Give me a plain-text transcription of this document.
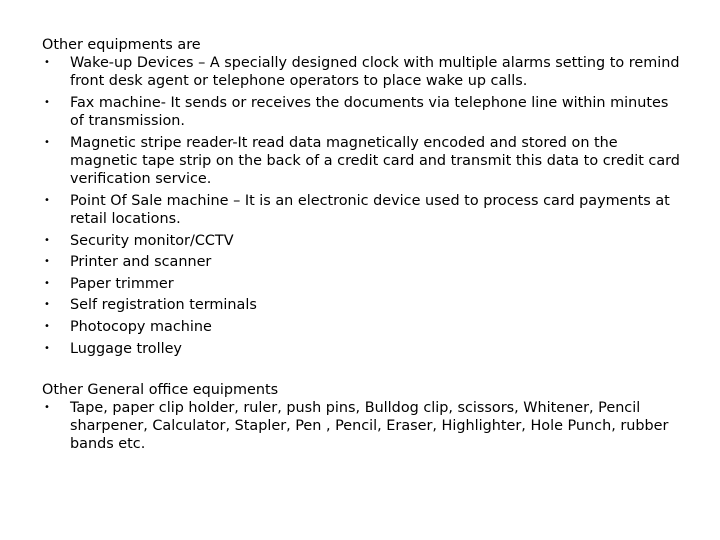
Other equipments are

• Wake-up Devices – A specially designed clock with multiple alarms setting to remind front desk agent or telephone operators to place wake up calls.
• Fax machine- It sends or receives the documents via telephone line within minutes of transmission.
• Magnetic stripe reader-It read data magnetically encoded and stored on the magnetic tape strip on the back of a credit card and transmit this data to credit card verification service.
• Point Of Sale machine – It is an electronic device used to process card payments at retail locations.
• Security monitor/CCTV
• Printer and scanner
• Paper trimmer
• Self registration terminals
• Photocopy machine
• Luggage trolley

Other General office equipments

• Tape, paper clip holder, ruler, push pins, Bulldog clip, scissors, Whitener, Pencil sharpener, Calculator, Stapler, Pen , Pencil, Eraser, Highlighter, Hole Punch, rubber bands etc.
